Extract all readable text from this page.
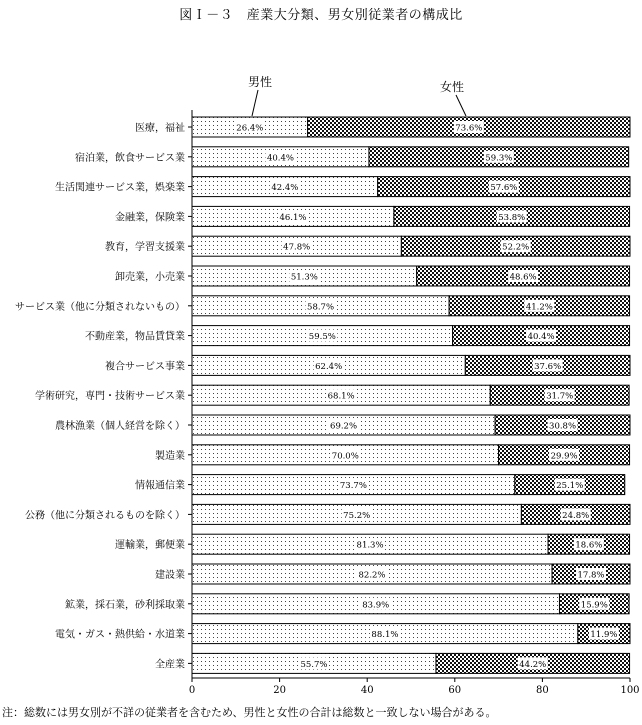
図Ｉ－３　産業大分類、男女別従業者の構成比
26.4%	73.6%
40.4%	59.3%
42.4%	57.6%
46.1%	53.8%
47.8%	52.2%
51.3%	48.6%
58.7%	41.2%
59.5%	40.4%
62.4%	37.6%
68.1%	31.7%
69.2%	30.8%
70.0%	29.9%
73.7%	25.1%
75.2%	24.8%
81.3%	18.6%
82.2%	17.8%
83.9%	15.9%
88.1%	11.9%
55.7%	44.2%
0	20	40	60	80	100
医療，福祉
宿泊業，飲食サービス業
生活関連サービス業，娯楽業
金融業，保険業
教育，学習支援業
卸売業，小売業
サービス業（他に分類されないもの）
不動産業，物品賃貸業
複合サービス事業
学術研究，専門・技術サービス業
農林漁業（個人経営を除く）
製造業
情報通信業
公務（他に分類されるものを除く）
運輸業，郵便業
建設業
鉱業，採石業，砂利採取業
電気・ガス・熱供給・水道業
全産業
男性	女性
注：総数には男女別が不詳の従業者を含むため、男性と女性の合計は総数と一致しない場合がある。
